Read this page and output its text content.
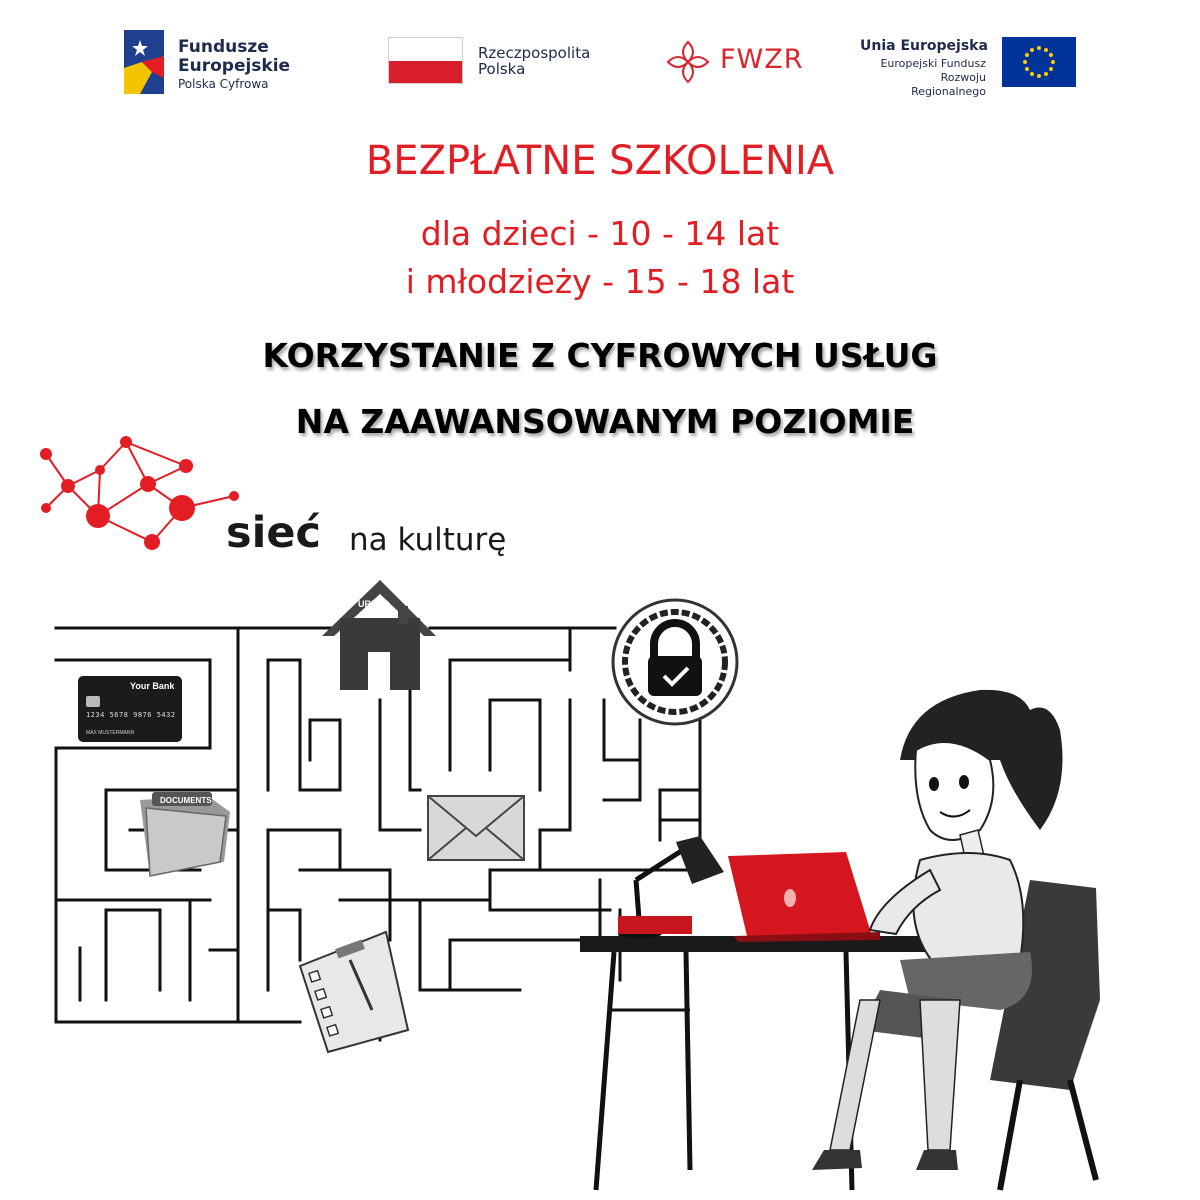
Fundusze
Europejskie
Polska Cyfrowa
Rzeczpospolita
Polska	FWZR	Unia Europejska
Europejski Fundusz
Rozwoju Regionalnego
BEZPŁATNE SZKOLENIA
dla dzieci - 10 - 14 lat
i młodzieży - 15 - 18 lat
KORZYSTANIE Z CYFROWYCH USŁUG
NA ZAAWANSOWANYM POZIOMIE
sieć na kulturę
URZĄD
Your Bank
1234 5678 9876 5432
MAX MUSTERMANN
DOCUMENTS
